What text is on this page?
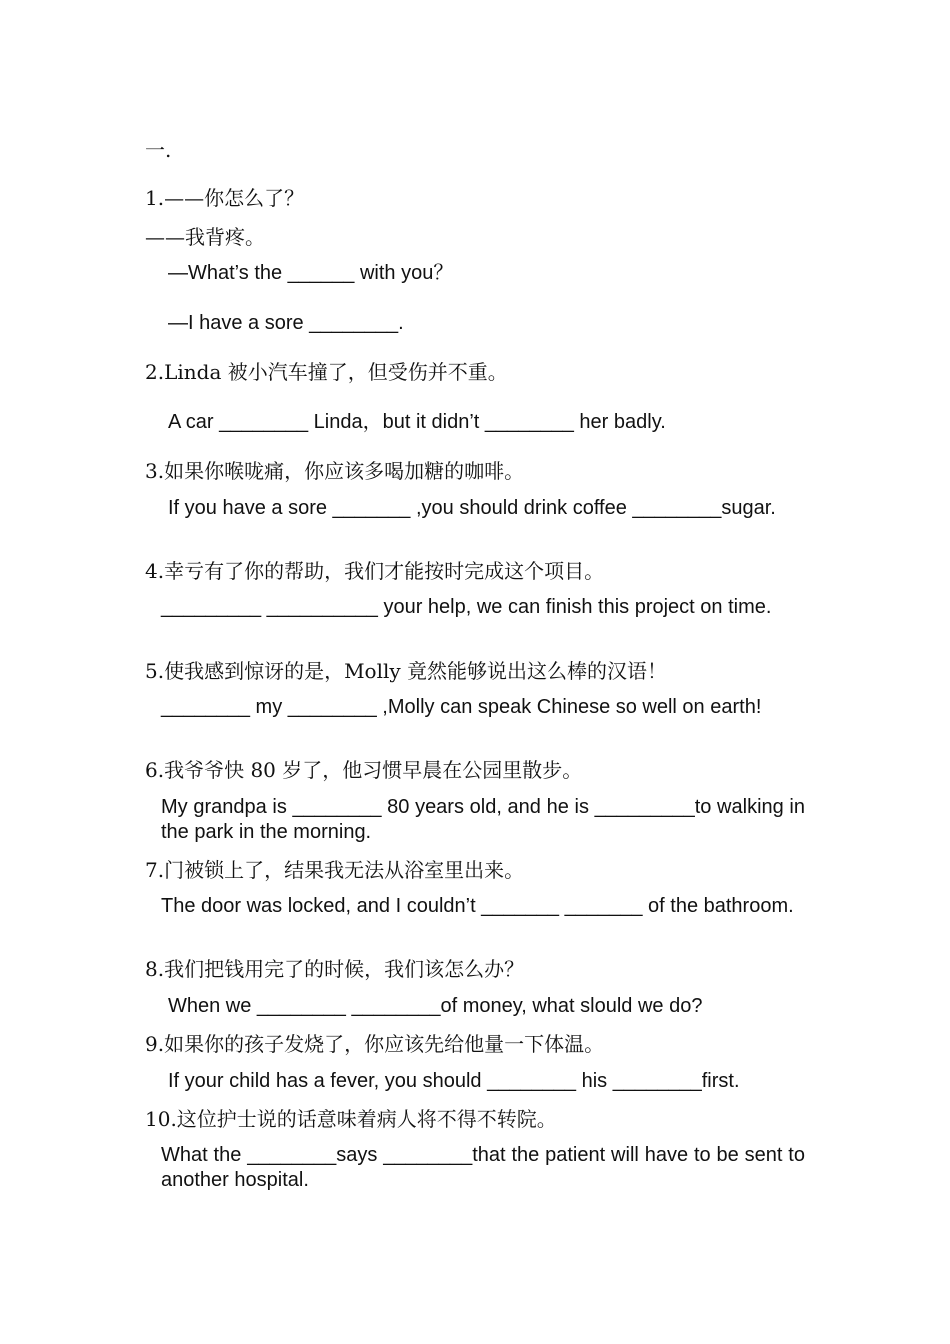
一.
1.——你怎么了？
——我背疼。
—What’s the ______ with you？
—I have a sore ________.
2.Linda 被小汽车撞了，但受伤并不重。
A car ________ Linda，but it didn’t ________ her badly.
3.如果你喉咙痛，你应该多喝加糖的咖啡。
If you have a sore _______ ,you should drink coffee ________sugar.
4.幸亏有了你的帮助，我们才能按时完成这个项目。
_________ __________ your help, we can finish this project on time.
5.使我感到惊讶的是，Molly 竟然能够说出这么棒的汉语！
________ my ________ ,Molly can speak Chinese so well on earth!
6.我爷爷快 80 岁了，他习惯早晨在公园里散步。
My grandpa is ________ 80 years old, and he is _________to walking in the park in the morning.
7.门被锁上了，结果我无法从浴室里出来。
The door was locked, and I couldn’t _______ _______ of the bathroom.
8.我们把钱用完了的时候，我们该怎么办？
When we ________ ________of money, what slould we do?
9.如果你的孩子发烧了，你应该先给他量一下体温。
If your child has a fever, you should ________ his ________first.
10.这位护士说的话意味着病人将不得不转院。
What the ________says ________that the patient will have to be sent to another hospital.
